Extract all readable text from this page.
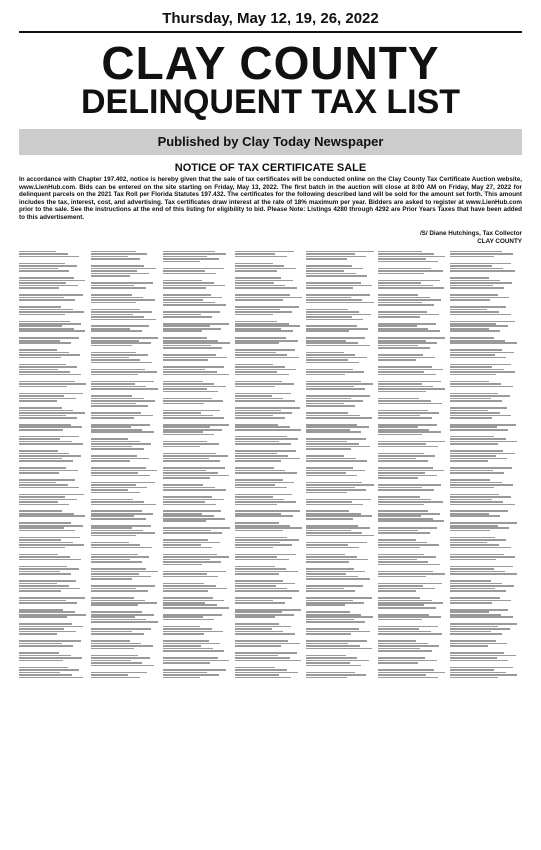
Thursday, May 12, 19, 26, 2022
CLAY COUNTY
DELINQUENT TAX LIST
Published by Clay Today Newspaper
NOTICE OF TAX CERTIFICATE SALE
In accordance with Chapter 197.402, notice is hereby given that the sale of tax certificates will be conducted online on the Clay County Tax Certificate Auction website, www.LienHub.com. Bids can be entered on the site starting on Friday, May 13, 2022. The first batch in the auction will close at 8:00 AM on Friday, May 27, 2022 for delinquent parcels on the 2021 Tax Roll per Florida Statutes 197.432. The certificates for the following described land will be sold for the amount set forth. This amount includes the tax, interest, cost, and advertising. Tax certificates draw interest at the rate of 18% maximum per year. Bidders are asked to register at www.LienHub.com prior to the sale. See the instructions at the end of this listing for eligibility to bid. Please Note: Listings 4280 through 4292 are Prior Years Taxes that have been added to this advertisement.
/S/ Diane Hutchings, Tax Collector
CLAY COUNTY
